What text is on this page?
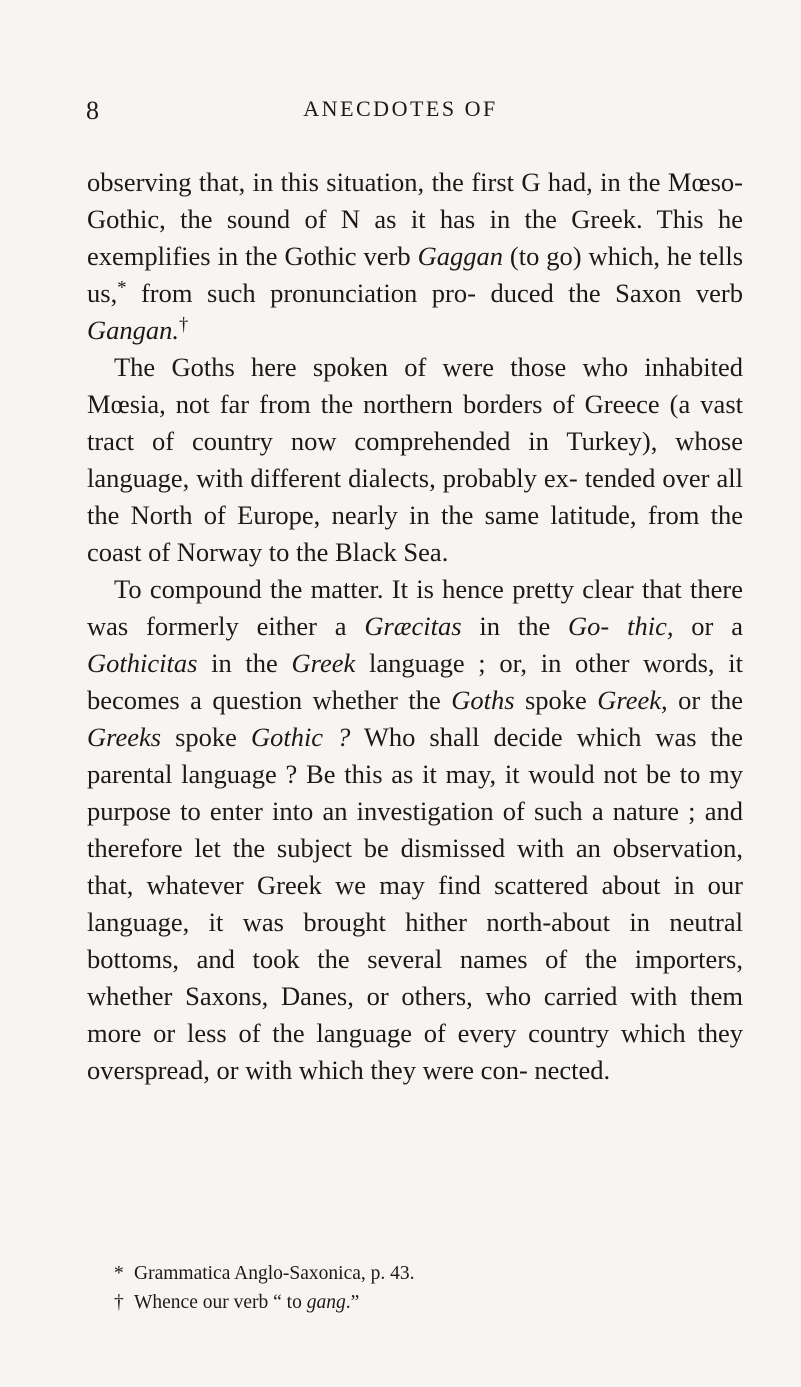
8	ANECDOTES OF

observing that, in this situation, the first G had, in the Mœso-Gothic, the sound of N as it has in the Greek. This he exemplifies in the Gothic verb Gaggan (to go) which, he tells us,* from such pronunciation pro- duced the Saxon verb Gangan.†

The Goths here spoken of were those who inhabited Mœsia, not far from the northern borders of Greece (a vast tract of country now comprehended in Turkey), whose language, with different dialects, probably ex- tended over all the North of Europe, nearly in the same latitude, from the coast of Norway to the Black Sea.

To compound the matter. It is hence pretty clear that there was formerly either a Græcitas in the Go- thic, or a Gothicitas in the Greek language ; or, in other words, it becomes a question whether the Goths spoke Greek, or the Greeks spoke Gothic ? Who shall decide which was the parental language ? Be this as it may, it would not be to my purpose to enter into an investigation of such a nature ; and therefore let the subject be dismissed with an observation, that, whatever Greek we may find scattered about in our language, it was brought hither north-about in neutral bottoms, and took the several names of the importers, whether Saxons, Danes, or others, who carried with them more or less of the language of every country which they overspread, or with which they were con- nected.

* Grammatica Anglo-Saxonica, p. 43.
† Whence our verb “ to gang.”
